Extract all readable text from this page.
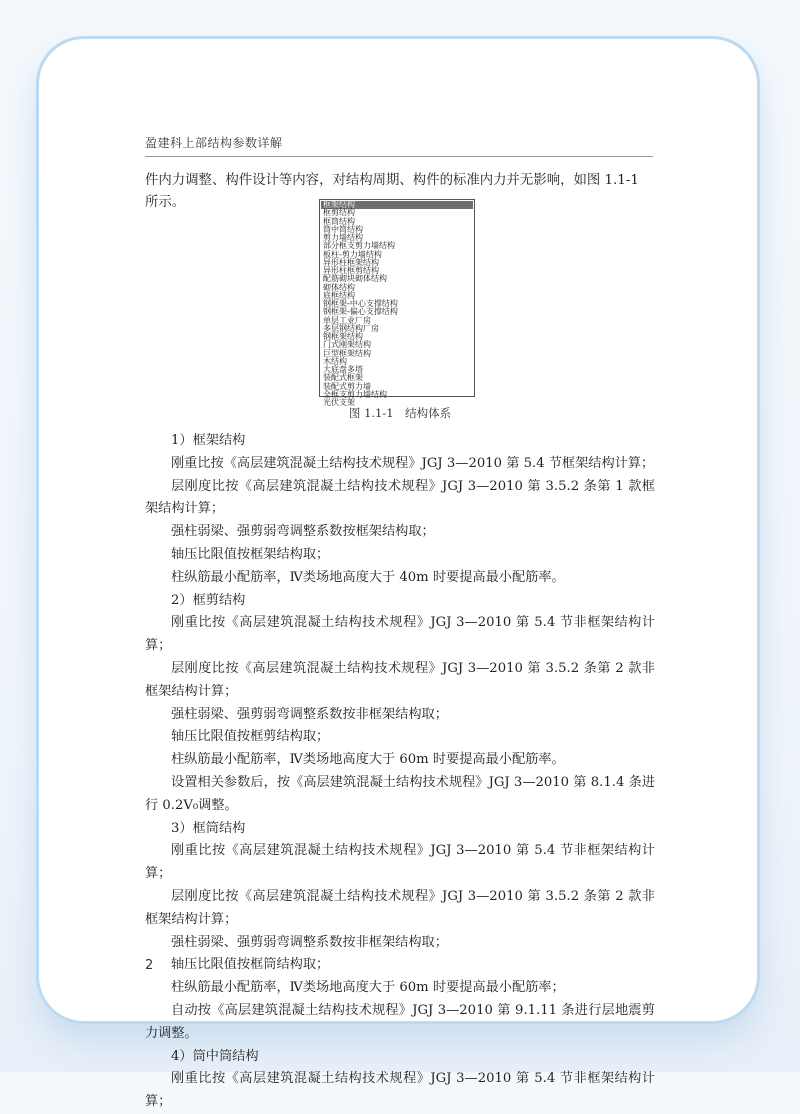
盈建科上部结构参数详解

件内力调整、构件设计等内容，对结构周期、构件的标准内力并无影响，如图 1.1-1 所示。	框架结构
框剪结构
框筒结构
筒中筒结构
剪力墙结构
部分框支剪力墙结构
板柱-剪力墙结构
异形柱框架结构
异形柱框剪结构
配筋砌块砌体结构
砌体结构
底框结构
钢框架-中心支撑结构
钢框架-偏心支撑结构
单层工业厂房
多层钢结构厂房
钢框架结构
门式刚架结构
巨型框架结构
木结构
大底盘多塔
装配式框架
装配式剪力墙
全框支剪力墙结构
光伏支架
图 1.1-1　结构体系

1）框架结构

刚重比按《高层建筑混凝土结构技术规程》JGJ 3—2010 第 5.4 节框架结构计算；

层刚度比按《高层建筑混凝土结构技术规程》JGJ 3—2010 第 3.5.2 条第 1 款框架结构计算；

强柱弱梁、强剪弱弯调整系数按框架结构取；

轴压比限值按框架结构取；

柱纵筋最小配筋率，Ⅳ类场地高度大于 40m 时要提高最小配筋率。

2）框剪结构

刚重比按《高层建筑混凝土结构技术规程》JGJ 3—2010 第 5.4 节非框架结构计算；

层刚度比按《高层建筑混凝土结构技术规程》JGJ 3—2010 第 3.5.2 条第 2 款非框架结构计算；

强柱弱梁、强剪弱弯调整系数按非框架结构取；

轴压比限值按框剪结构取；

柱纵筋最小配筋率，Ⅳ类场地高度大于 60m 时要提高最小配筋率。

设置相关参数后，按《高层建筑混凝土结构技术规程》JGJ 3—2010 第 8.1.4 条进行 0.2V₀调整。

3）框筒结构

刚重比按《高层建筑混凝土结构技术规程》JGJ 3—2010 第 5.4 节非框架结构计算；

层刚度比按《高层建筑混凝土结构技术规程》JGJ 3—2010 第 3.5.2 条第 2 款非框架结构计算；

强柱弱梁、强剪弱弯调整系数按非框架结构取；

轴压比限值按框筒结构取；

柱纵筋最小配筋率，Ⅳ类场地高度大于 60m 时要提高最小配筋率；

自动按《高层建筑混凝土结构技术规程》JGJ 3—2010 第 9.1.11 条进行层地震剪力调整。

4）筒中筒结构

刚重比按《高层建筑混凝土结构技术规程》JGJ 3—2010 第 5.4 节非框架结构计算；

2
